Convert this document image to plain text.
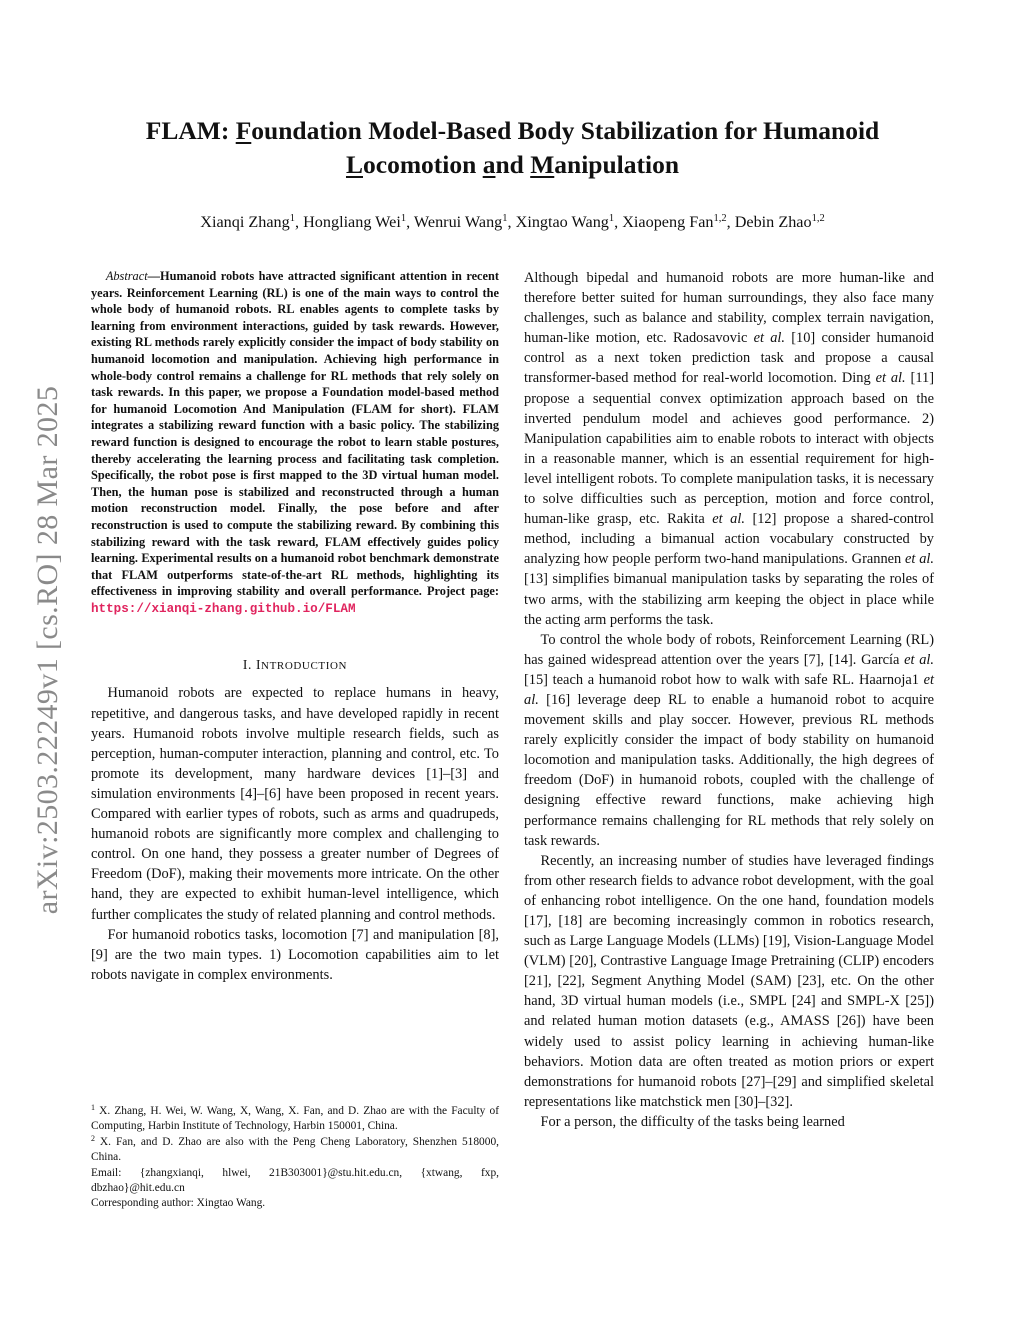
arXiv:2503.22249v1 [cs.RO] 28 Mar 2025
FLAM: Foundation Model-Based Body Stabilization for Humanoid
Locomotion and Manipulation
Xianqi Zhang$^1$, Hongliang Wei$^1$, Wenrui Wang$^1$, Xingtao Wang$^1$, Xiaopeng Fan$^{1,2}$, Debin Zhao$^{1,2}$

Abstract—Humanoid robots have attracted significant attention in recent years. Reinforcement Learning (RL) is one of the main ways to control the whole body of humanoid robots. RL enables agents to complete tasks by learning from environment interactions, guided by task rewards. However, existing RL methods rarely explicitly consider the impact of body stability on humanoid locomotion and manipulation. Achieving high performance in whole-body control remains a challenge for RL methods that rely solely on task rewards. In this paper, we propose a Foundation model-based method for humanoid Locomotion And Manipulation (FLAM for short). FLAM integrates a stabilizing reward function with a basic policy. The stabilizing reward function is designed to encourage the robot to learn stable postures, thereby accelerating the learning process and facilitating task completion. Specifically, the robot pose is first mapped to the 3D virtual human model. Then, the human pose is stabilized and reconstructed through a human motion reconstruction model. Finally, the pose before and after reconstruction is used to compute the stabilizing reward. By combining this stabilizing reward with the task reward, FLAM effectively guides policy learning. Experimental results on a humanoid robot benchmark demonstrate that FLAM outperforms state-of-the-art RL methods, highlighting its effectiveness in improving stability and overall performance. Project page: https://xianqi-zhang.github.io/FLAM

I. INTRODUCTION

Humanoid robots are expected to replace humans in heavy, repetitive, and dangerous tasks, and have developed rapidly in recent years. Humanoid robots involve multiple research fields, such as perception, human-computer interaction, planning and control, etc. To promote its development, many hardware devices [1]–[3] and simulation environments [4]–[6] have been proposed in recent years. Compared with earlier types of robots, such as arms and quadrupeds, humanoid robots are significantly more complex and challenging to control. On one hand, they possess a greater number of Degrees of Freedom (DoF), making their movements more intricate. On the other hand, they are expected to exhibit human-level intelligence, which further complicates the study of related planning and control methods.

For humanoid robotics tasks, locomotion [7] and manipulation [8], [9] are the two main types. 1) Locomotion capabilities aim to let robots navigate in complex environments.

$^1$ X. Zhang, H. Wei, W. Wang, X, Wang, X. Fan, and D. Zhao are with the Faculty of Computing, Harbin Institute of Technology, Harbin 150001, China.

$^2$ X. Fan, and D. Zhao are also with the Peng Cheng Laboratory, Shenzhen 518000, China.

Email: {zhangxianqi, hlwei, 21B303001}@stu.hit.edu.cn, {xtwang, fxp, dbzhao}@hit.edu.cn

Corresponding author: Xingtao Wang.

Although bipedal and humanoid robots are more human-like and therefore better suited for human surroundings, they also face many challenges, such as balance and stability, complex terrain navigation, human-like motion, etc. Radosavovic et al. [10] consider humanoid control as a next token prediction task and propose a causal transformer-based method for real-world locomotion. Ding et al. [11] propose a sequential convex optimization approach based on the inverted pendulum model and achieves good performance. 2) Manipulation capabilities aim to enable robots to interact with objects in a reasonable manner, which is an essential requirement for high-level intelligent robots. To complete manipulation tasks, it is necessary to solve difficulties such as perception, motion and force control, human-like grasp, etc. Rakita et al. [12] propose a shared-control method, including a bimanual action vocabulary constructed by analyzing how people perform two-hand manipulations. Grannen et al. [13] simplifies bimanual manipulation tasks by separating the roles of two arms, with the stabilizing arm keeping the object in place while the acting arm performs the task.

To control the whole body of robots, Reinforcement Learning (RL) has gained widespread attention over the years [7], [14]. García et al. [15] teach a humanoid robot how to walk with safe RL. Haarnoja1 et al. [16] leverage deep RL to enable a humanoid robot to acquire movement skills and play soccer. However, previous RL methods rarely explicitly consider the impact of body stability on humanoid locomotion and manipulation tasks. Additionally, the high degrees of freedom (DoF) in humanoid robots, coupled with the challenge of designing effective reward functions, make achieving high performance remains challenging for RL methods that rely solely on task rewards.

Recently, an increasing number of studies have leveraged findings from other research fields to advance robot development, with the goal of enhancing robot intelligence. On the one hand, foundation models [17], [18] are becoming increasingly common in robotics research, such as Large Language Models (LLMs) [19], Vision-Language Model (VLM) [20], Contrastive Language Image Pretraining (CLIP) encoders [21], [22], Segment Anything Model (SAM) [23], etc. On the other hand, 3D virtual human models (i.e., SMPL [24] and SMPL-X [25]) and related human motion datasets (e.g., AMASS [26]) have been widely used to assist policy learning in achieving human-like behaviors. Motion data are often treated as motion priors or expert demonstrations for humanoid robots [27]–[29] and simplified skeletal representations like matchstick men [30]–[32].

For a person, the difficulty of the tasks being learned
